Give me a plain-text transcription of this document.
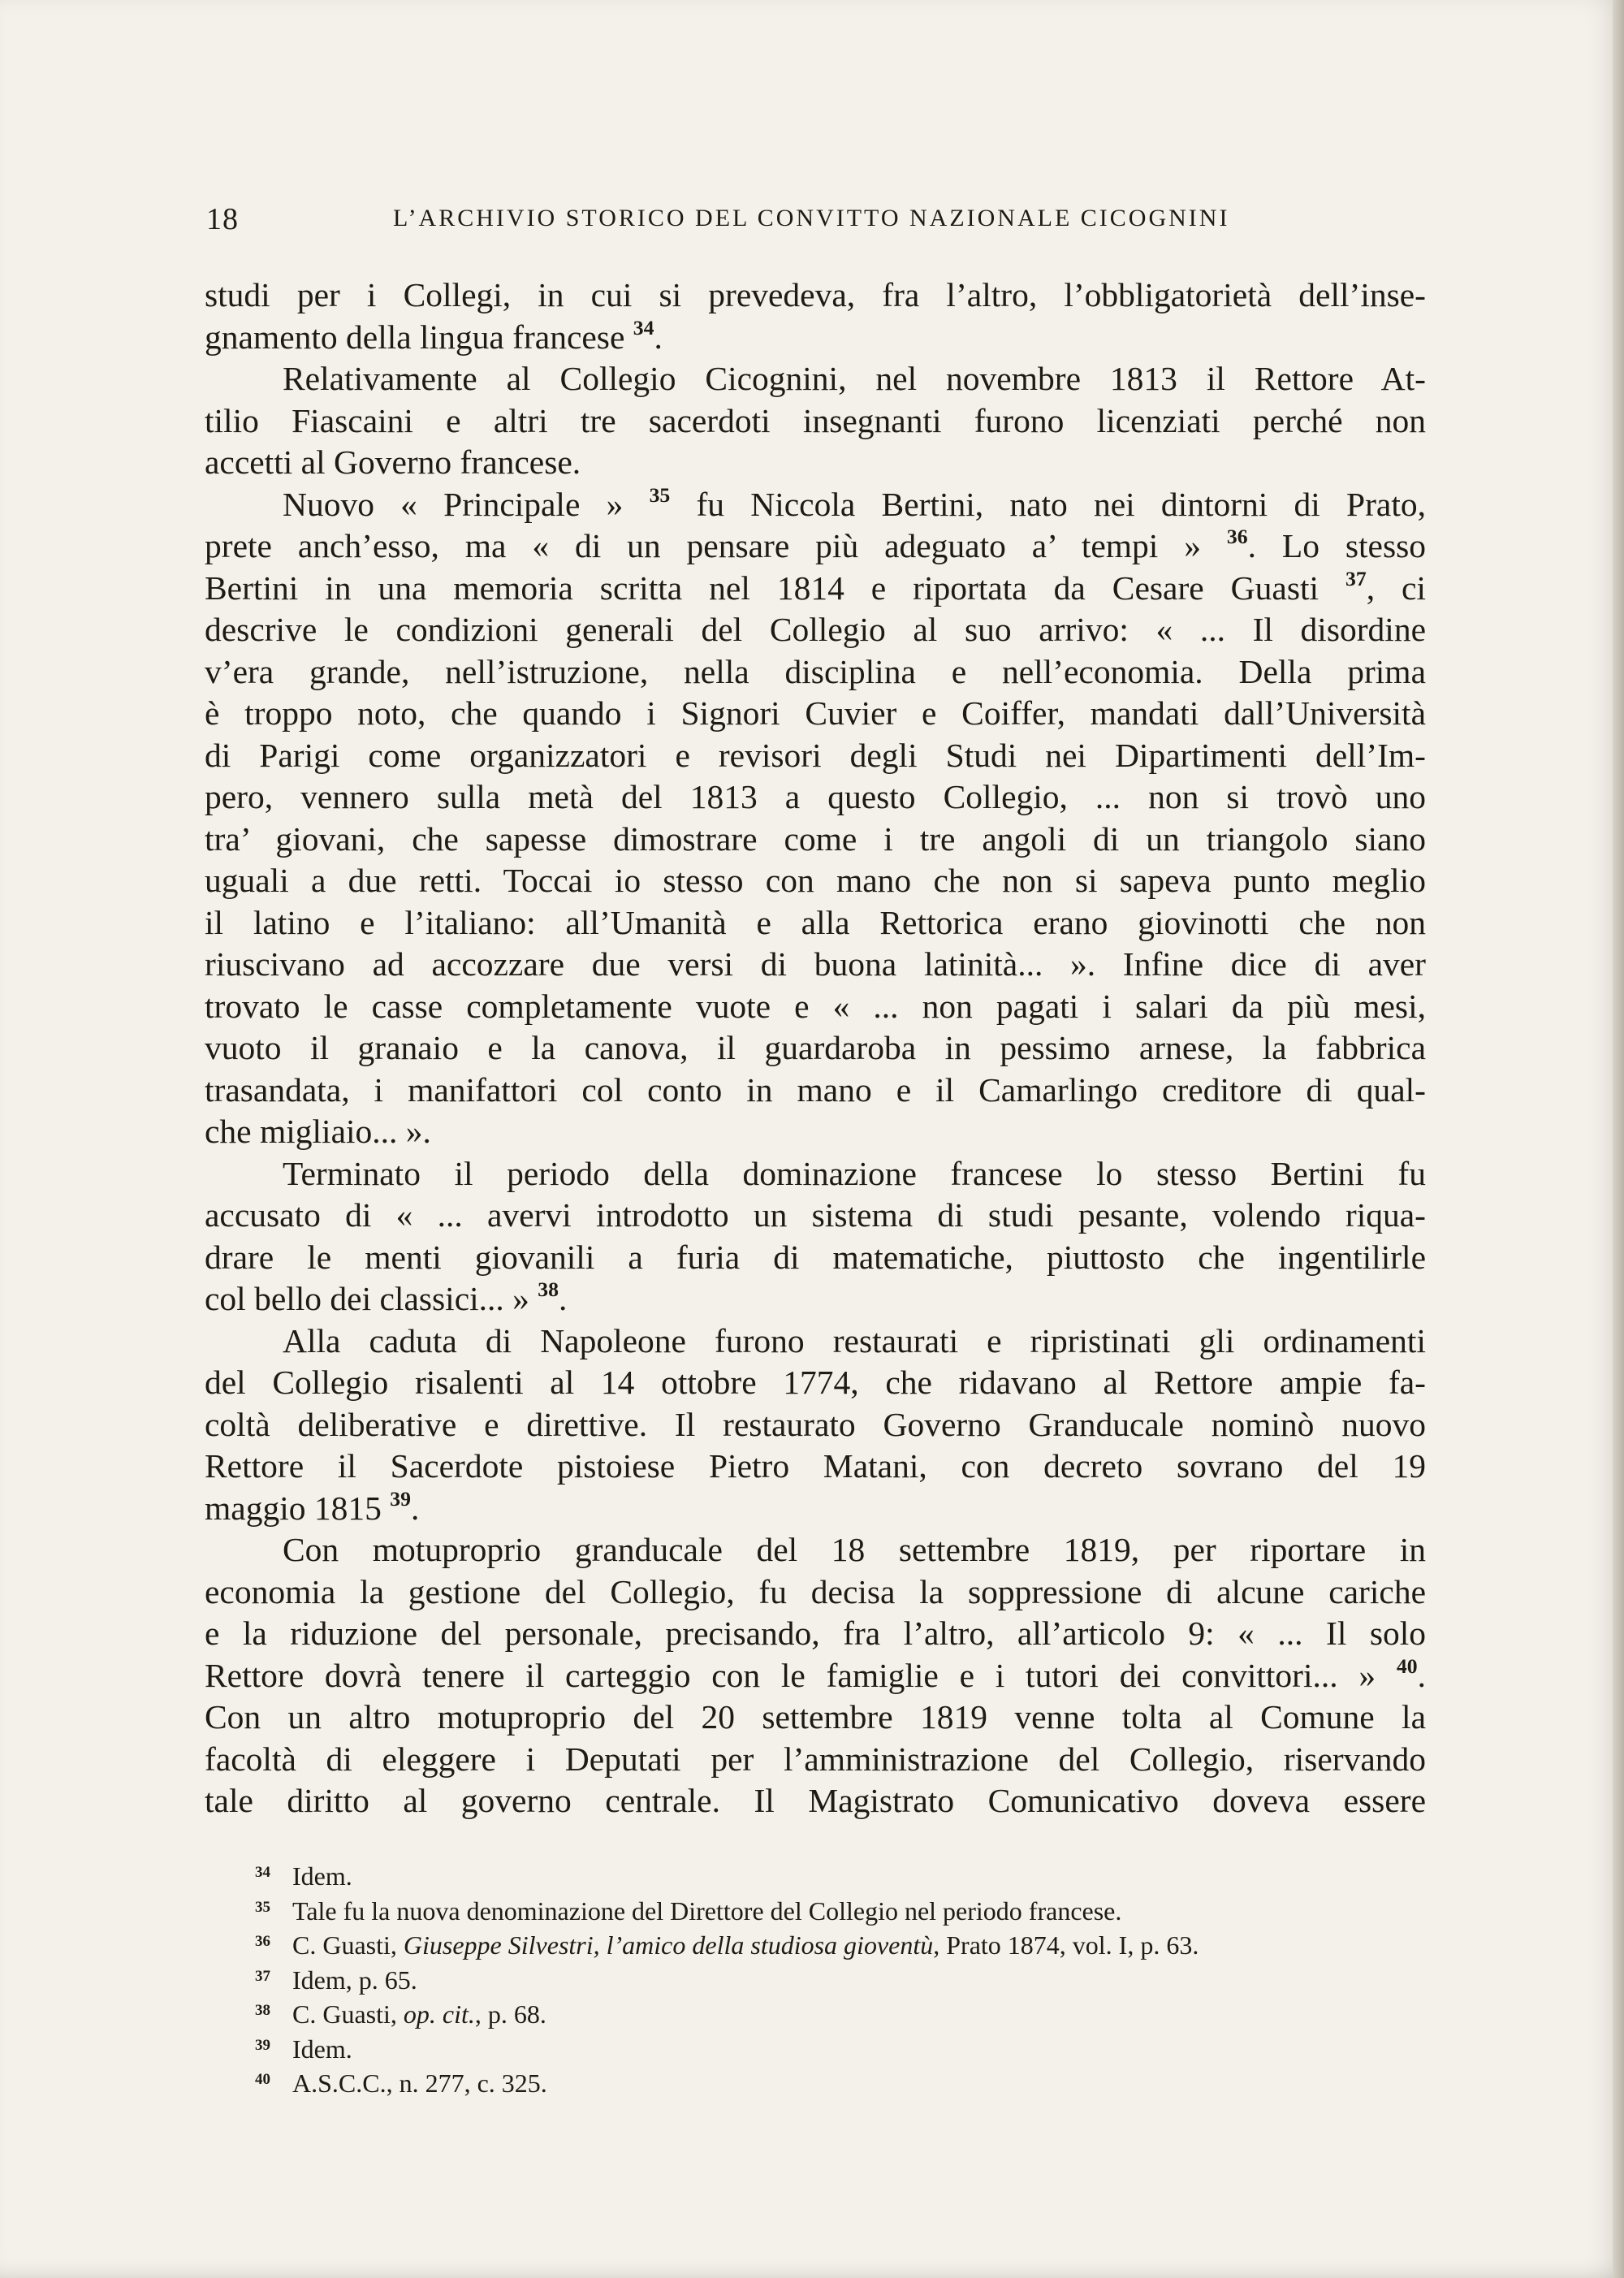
18	L’ARCHIVIO STORICO DEL CONVITTO NAZIONALE CICOGNINI
studi per i Collegi, in cui si prevedeva, fra l’altro, l’obbligatorietà dell’inse-
gnamento della lingua francese $^{34}$.
Relativamente al Collegio Cicognini, nel novembre 1813 il Rettore At-
tilio Fiascaini e altri tre sacerdoti insegnanti furono licenziati perché non
accetti al Governo francese.
Nuovo « Principale » $^{35}$ fu Niccola Bertini, nato nei dintorni di Prato,
prete anch’esso, ma « di un pensare più adeguato a’ tempi » $^{36}$. Lo stesso
Bertini in una memoria scritta nel 1814 e riportata da Cesare Guasti $^{37}$, ci
descrive le condizioni generali del Collegio al suo arrivo: « ... Il disordine
v’era grande, nell’istruzione, nella disciplina e nell’economia. Della prima
è troppo noto, che quando i Signori Cuvier e Coiffer, mandati dall’Università
di Parigi come organizzatori e revisori degli Studi nei Dipartimenti dell’Im-
pero, vennero sulla metà del 1813 a questo Collegio, ... non si trovò uno
tra’ giovani, che sapesse dimostrare come i tre angoli di un triangolo siano
uguali a due retti. Toccai io stesso con mano che non si sapeva punto meglio
il latino e l’italiano: all’Umanità e alla Rettorica erano giovinotti che non
riuscivano ad accozzare due versi di buona latinità... ». Infine dice di aver
trovato le casse completamente vuote e « ... non pagati i salari da più mesi,
vuoto il granaio e la canova, il guardaroba in pessimo arnese, la fabbrica
trasandata, i manifattori col conto in mano e il Camarlingo creditore di qual-
che migliaio... ».
Terminato il periodo della dominazione francese lo stesso Bertini fu
accusato di « ... avervi introdotto un sistema di studi pesante, volendo riqua-
drare le menti giovanili a furia di matematiche, piuttosto che ingentilirle
col bello dei classici... » $^{38}$.
Alla caduta di Napoleone furono restaurati e ripristinati gli ordinamenti
del Collegio risalenti al 14 ottobre 1774, che ridavano al Rettore ampie fa-
coltà deliberative e direttive. Il restaurato Governo Granducale nominò nuovo
Rettore il Sacerdote pistoiese Pietro Matani, con decreto sovrano del 19
maggio 1815 $^{39}$.
Con motuproprio granducale del 18 settembre 1819, per riportare in
economia la gestione del Collegio, fu decisa la soppressione di alcune cariche
e la riduzione del personale, precisando, fra l’altro, all’articolo 9: « ... Il solo
Rettore dovrà tenere il carteggio con le famiglie e i tutori dei convittori... » $^{40}$.
Con un altro motuproprio del 20 settembre 1819 venne tolta al Comune la
facoltà di eleggere i Deputati per l’amministrazione del Collegio, riservando
tale diritto al governo centrale. Il Magistrato Comunicativo doveva essere
34 Idem.
35 Tale fu la nuova denominazione del Direttore del Collegio nel periodo francese.
36 C. Guasti, Giuseppe Silvestri, l’amico della studiosa gioventù, Prato 1874, vol. I, p. 63.
37 Idem, p. 65.
38 C. Guasti, op. cit., p. 68.
39 Idem.
40 A.S.C.C., n. 277, c. 325.
